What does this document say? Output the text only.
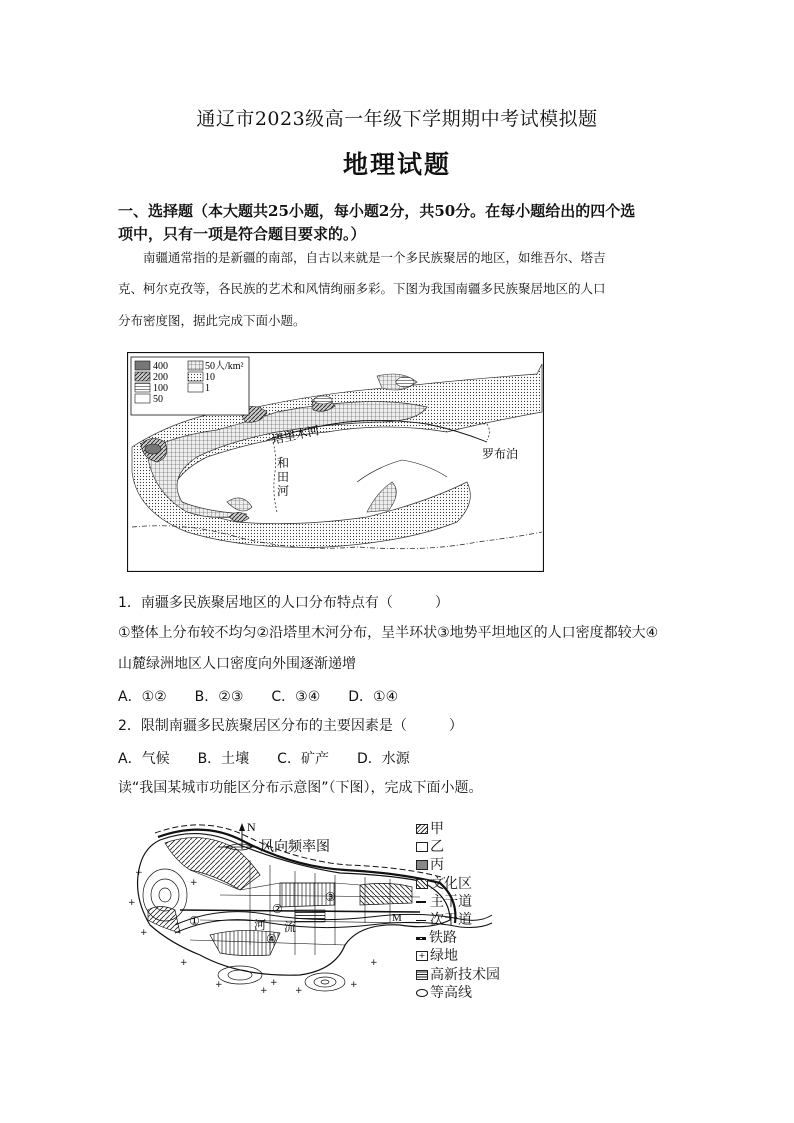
通辽市2023级高一年级下学期期中考试模拟题
地理试题
一、选择题（本大题共25小题，每小题2分，共50分。在每小题给出的四个选
项中，只有一项是符合题目要求的。）
南疆通常指的是新疆的南部，自古以来就是一个多民族聚居的地区，如维吾尔、塔吉
克、柯尔克孜等，各民族的艺术和风情绚丽多彩。下图为我国南疆多民族聚居地区的人口
分布密度图，据此完成下面小题。
400
200
100
50
50人/km²
10
1
塔里木河
和
田
河
罗布泊
1．南疆多民族聚居地区的人口分布特点有（　　　）
①整体上分布较不均匀②沿塔里木河分布，呈半环状③地势平坦地区的人口密度都较大④
山麓绿洲地区人口密度向外围逐渐递增
A．①②　　B．②③　　C．③④　　D．①④
2．限制南疆多民族聚居区分布的主要因素是（　　　）
A．气候　　B．土壤　　C．矿产　　D．水源
读“我国某城市功能区分布示意图”（下图），完成下面小题。
+
+
+
+
+	+
+
+
+	+
+
N
风向频率图
①
②
③
④
河 流
M
甲
乙
丙
文化区
主干道
次干道
铁路
+ 绿地
高新技术园
等高线
